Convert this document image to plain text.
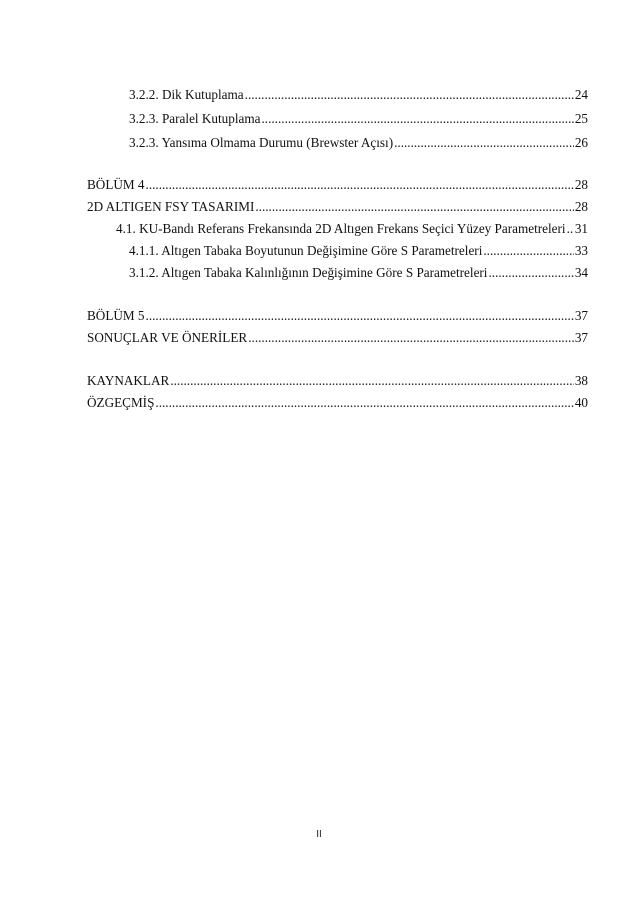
3.2.2. Dik Kutuplama .....	24
3.2.3. Paralel Kutuplama .....	25
3.2.3. Yansıma Olmama Durumu (Brewster Açısı) .....	26
BÖLÜM 4 .....	28
2D ALTIGEN FSY TASARIMI .....	28
4.1. KU-Bandı Referans Frekansında 2D Altıgen Frekans Seçici Yüzey Parametreleri ..... 31
4.1.1. Altıgen Tabaka Boyutunun Değişimine Göre S Parametreleri .....	33
3.1.2. Altıgen Tabaka Kalınlığının Değişimine Göre S Parametreleri .....	34
BÖLÜM 5 .....	37
SONUÇLAR VE ÖNERİLER .....	37
KAYNAKLAR .....	38
ÖZGEÇMİŞ .....	40
II
